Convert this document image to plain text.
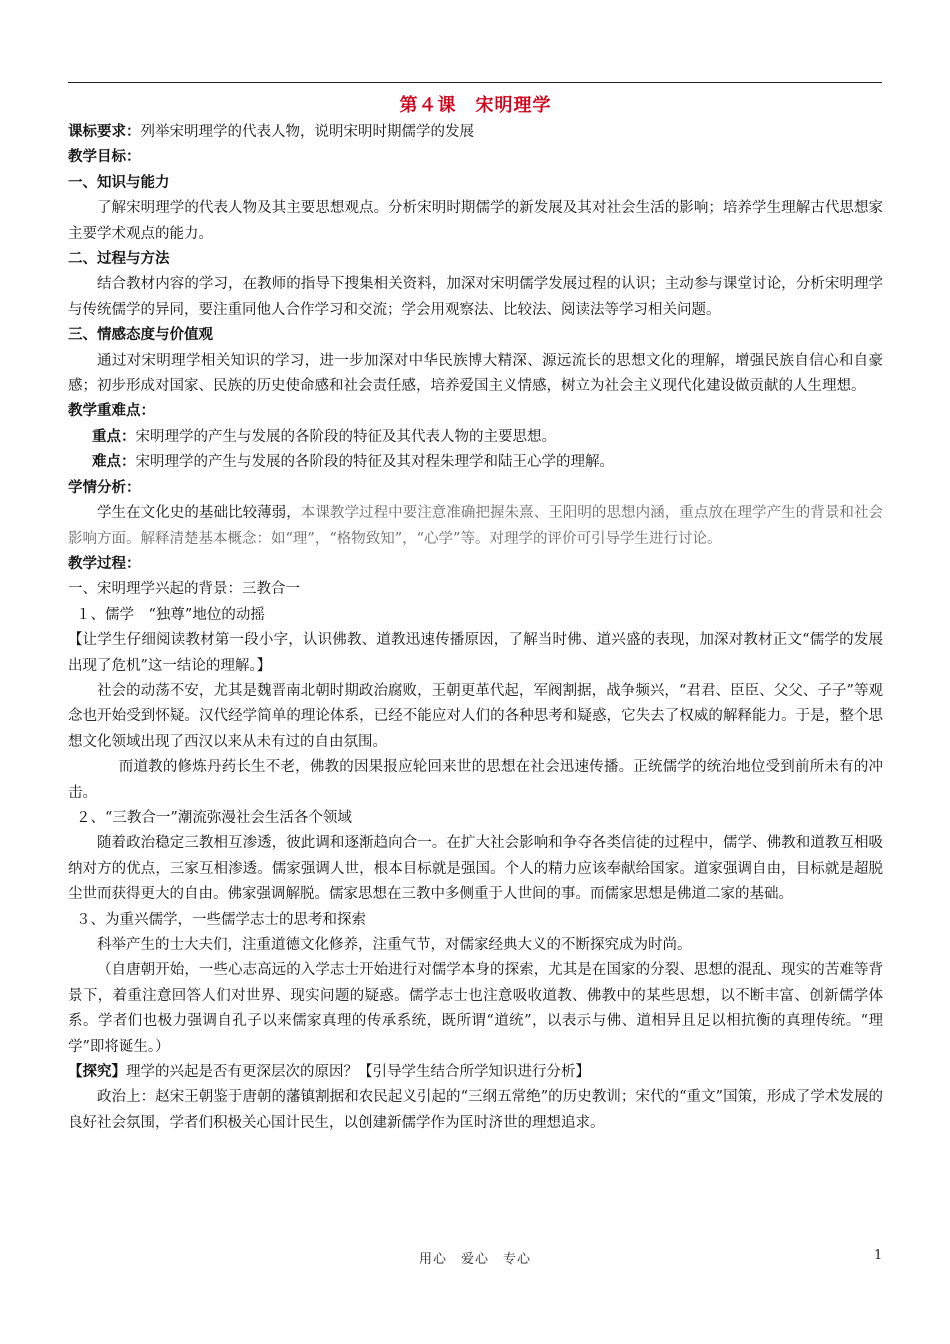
第４课　宋明理学
课标要求：列举宋明理学的代表人物，说明宋明时期儒学的发展
教学目标：
一、知识与能力
了解宋明理学的代表人物及其主要思想观点。分析宋明时期儒学的新发展及其对社会生活的影响；培养学生理解古代思想家主要学术观点的能力。
二、过程与方法
结合教材内容的学习，在教师的指导下搜集相关资料，加深对宋明儒学发展过程的认识；主动参与课堂讨论，分析宋明理学与传统儒学的异同，要注重同他人合作学习和交流；学会用观察法、比较法、阅读法等学习相关问题。
三、情感态度与价值观
通过对宋明理学相关知识的学习，进一步加深对中华民族博大精深、源远流长的思想文化的理解，增强民族自信心和自豪感；初步形成对国家、民族的历史使命感和社会责任感，培养爱国主义情感，树立为社会主义现代化建设做贡献的人生理想。
教学重难点：
重点：宋明理学的产生与发展的各阶段的特征及其代表人物的主要思想。
难点：宋明理学的产生与发展的各阶段的特征及其对程朱理学和陆王心学的理解。
学情分析：
学生在文化史的基础比较薄弱，本课教学过程中要注意准确把握朱熹、王阳明的思想内涵，重点放在理学产生的背景和社会影响方面。解释清楚基本概念：如“理”，“格物致知”，“心学”等。对理学的评价可引导学生进行讨论。
教学过程：
一、宋明理学兴起的背景：三教合一
１、儒学　“独尊”地位的动摇
【让学生仔细阅读教材第一段小字，认识佛教、道教迅速传播原因，了解当时佛、道兴盛的表现，加深对教材正文“儒学的发展出现了危机”这一结论的理解。】
社会的动荡不安，尤其是魏晋南北朝时期政治腐败，王朝更革代起，军阀割据，战争频兴，“君君、臣臣、父父、子子”等观念也开始受到怀疑。汉代经学简单的理论体系，已经不能应对人们的各种思考和疑惑，它失去了权威的解释能力。于是，整个思想文化领域出现了西汉以来从未有过的自由氛围。
而道教的修炼丹药长生不老，佛教的因果报应轮回来世的思想在社会迅速传播。正统儒学的统治地位受到前所未有的冲击。
２、“三教合一”潮流弥漫社会生活各个领域
随着政治稳定三教相互渗透，彼此调和逐渐趋向合一。在扩大社会影响和争夺各类信徒的过程中，儒学、佛教和道教互相吸纳对方的优点，三家互相渗透。儒家强调人世，根本目标就是强国。个人的精力应该奉献给国家。道家强调自由，目标就是超脱尘世而获得更大的自由。佛家强调解脱。儒家思想在三教中多侧重于人世间的事。而儒家思想是佛道二家的基础。
３、为重兴儒学，一些儒学志士的思考和探索
科举产生的士大夫们，注重道德文化修养，注重气节，对儒家经典大义的不断探究成为时尚。
（自唐朝开始，一些心志高远的入学志士开始进行对儒学本身的探索，尤其是在国家的分裂、思想的混乱、现实的苦难等背景下，着重注意回答人们对世界、现实问题的疑惑。儒学志士也注意吸收道教、佛教中的某些思想，以不断丰富、创新儒学体系。学者们也极力强调自孔子以来儒家真理的传承系统，既所谓“道统”，以表示与佛、道相异且足以相抗衡的真理传统。“理学”即将诞生。）
【探究】理学的兴起是否有更深层次的原因？【引导学生结合所学知识进行分析】
政治上：赵宋王朝鉴于唐朝的藩镇割据和农民起义引起的“三纲五常绝”的历史教训；宋代的“重文”国策，形成了学术发展的良好社会氛围，学者们积极关心国计民生，以创建新儒学作为匡时济世的理想追求。
用心　爱心　专心	1
